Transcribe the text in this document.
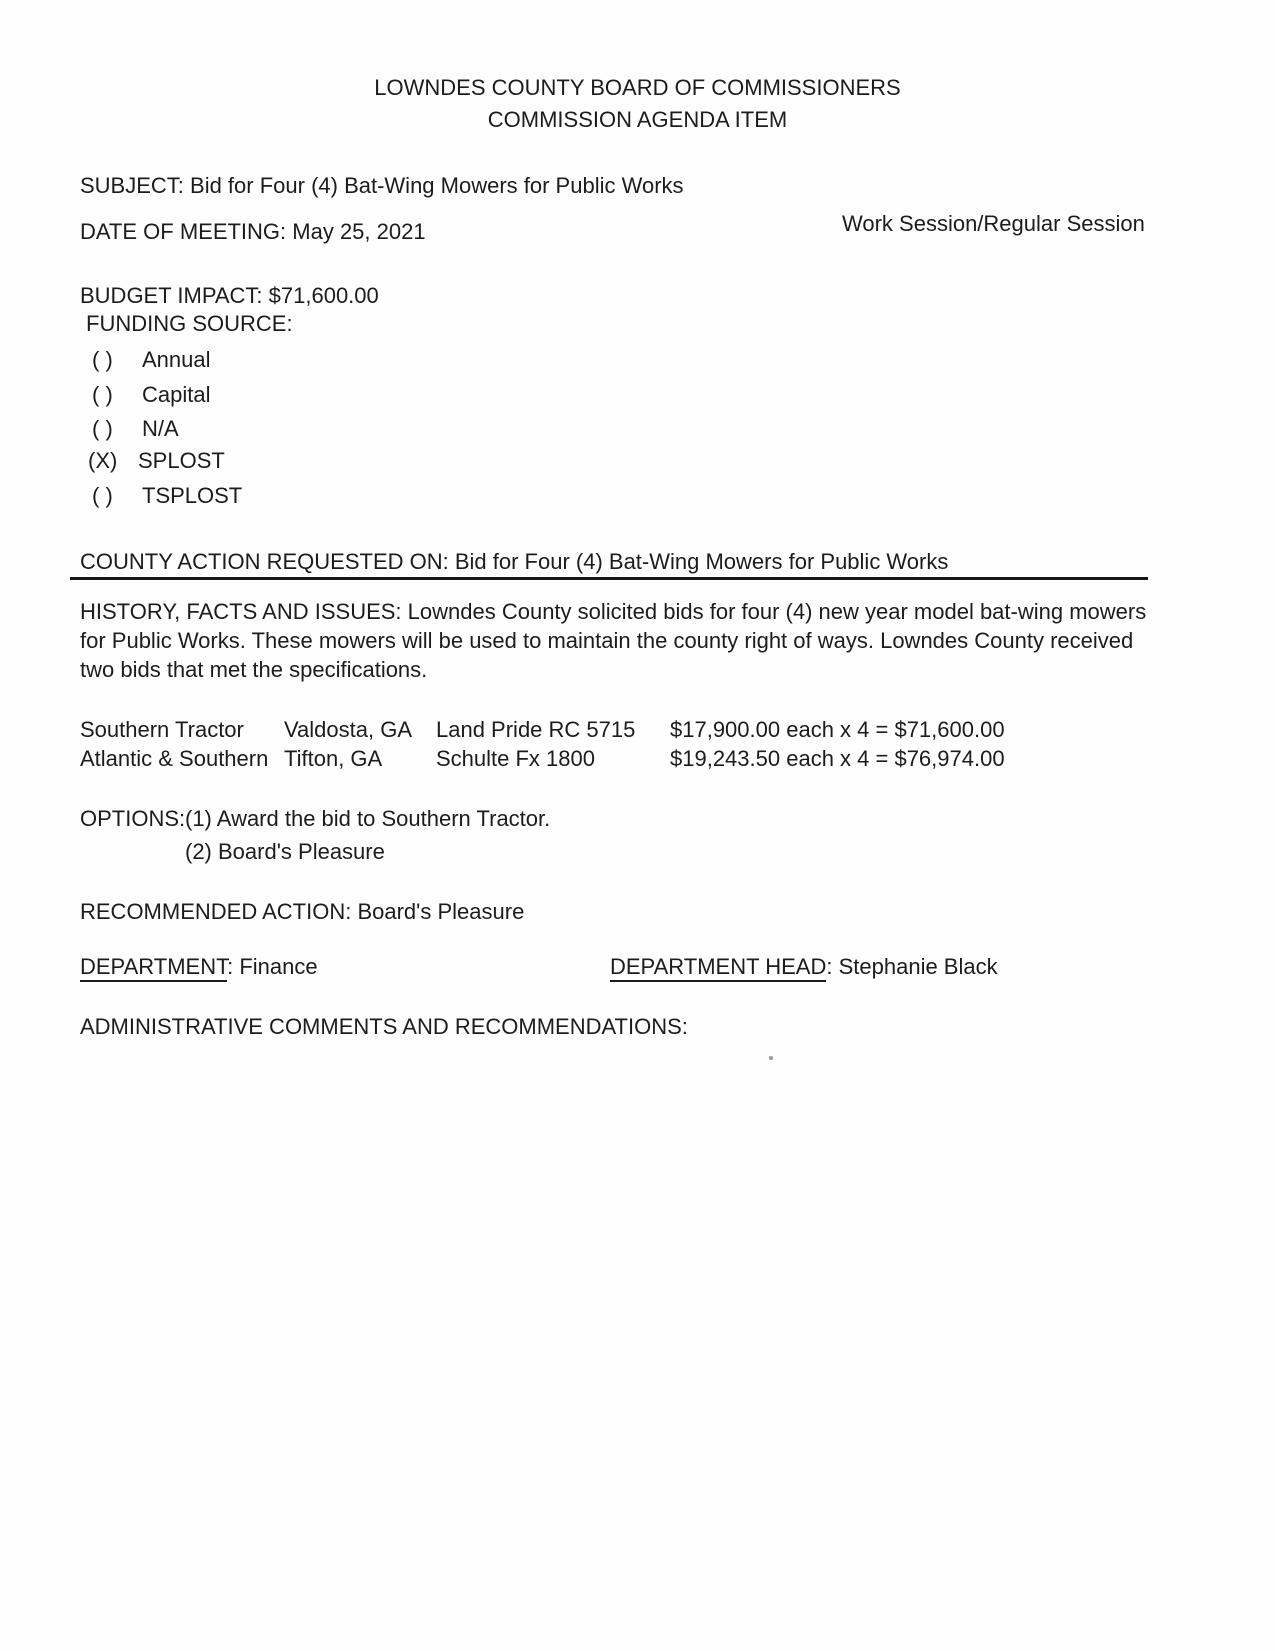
LOWNDES COUNTY BOARD OF COMMISSIONERS
COMMISSION AGENDA ITEM
SUBJECT: Bid for Four (4) Bat-Wing Mowers for Public Works
Work Session/Regular Session
DATE OF MEETING: May 25, 2021
BUDGET IMPACT: $71,600.00
FUNDING SOURCE:
( ) Annual
( ) Capital
( ) N/A
(X) SPLOST
( ) TSPLOST
COUNTY ACTION REQUESTED ON: Bid for Four (4) Bat-Wing Mowers for Public Works
HISTORY, FACTS AND ISSUES: Lowndes County solicited bids for four (4) new year model bat-wing mowers for Public Works. These mowers will be used to maintain the county right of ways. Lowndes County received two bids that met the specifications.
Southern Tractor Valdosta, GA Land Pride RC 5715 $17,900.00 each x 4 = $71,600.00
Atlantic & Southern Tifton, GA Schulte Fx 1800	$19,243.50 each x 4 = $76,974.00
OPTIONS: (1) Award the bid to Southern Tractor.
(2) Board's Pleasure
RECOMMENDED ACTION: Board's Pleasure
DEPARTMENT: Finance	DEPARTMENT HEAD: Stephanie Black
ADMINISTRATIVE COMMENTS AND RECOMMENDATIONS:
